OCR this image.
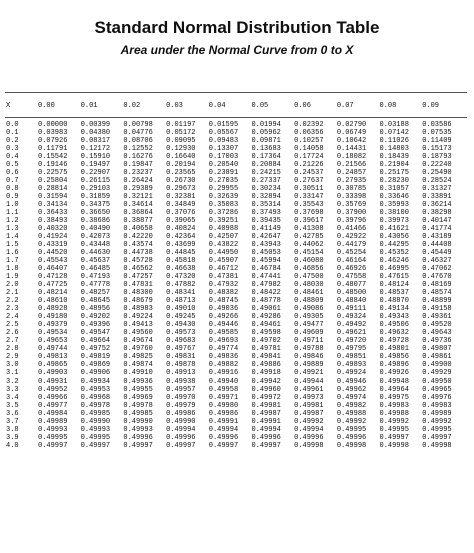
Standard Normal Distribution Table
Area under the Normal Curve from 0 to X
X	0.00	0.01	0.02	0.03	0.04	0.05	0.06	0.07	0.08	0.09

0.0	0.00000	0.00399	0.00798	0.01197	0.01595	0.01994	0.02392	0.02790	0.03188	0.03586
0.1	0.03983	0.04380	0.04776	0.05172	0.05567	0.05962	0.06356	0.06749	0.07142	0.07535
0.2	0.07926	0.08317	0.08706	0.09095	0.09483	0.09871	0.10257	0.10642	0.11026	0.11409
0.3	0.11791	0.12172	0.12552	0.12930	0.13307	0.13683	0.14058	0.14431	0.14803	0.15173
0.4	0.15542	0.15910	0.16276	0.16640	0.17003	0.17364	0.17724	0.18082	0.18439	0.18793
0.5	0.19146	0.19497	0.19847	0.20194	0.20540	0.20884	0.21226	0.21566	0.21904	0.22240
0.6	0.22575	0.22907	0.23237	0.23565	0.23891	0.24215	0.24537	0.24857	0.25175	0.25490
0.7	0.25804	0.26115	0.26424	0.26730	0.27035	0.27337	0.27637	0.27935	0.28230	0.28524
0.8	0.28814	0.29103	0.29389	0.29673	0.29955	0.30234	0.30511	0.30785	0.31057	0.31327
0.9	0.31594	0.31859	0.32121	0.32381	0.32639	0.32894	0.33147	0.33398	0.33646	0.33891
1.0	0.34134	0.34375	0.34614	0.34849	0.35083	0.35314	0.35543	0.35769	0.35993	0.36214
1.1	0.36433	0.36650	0.36864	0.37076	0.37286	0.37493	0.37698	0.37900	0.38100	0.38298
1.2	0.38493	0.38686	0.38877	0.39065	0.39251	0.39435	0.39617	0.39796	0.39973	0.40147
1.3	0.40320	0.40490	0.40658	0.40824	0.40988	0.41149	0.41308	0.41466	0.41621	0.41774
1.4	0.41924	0.42073	0.42220	0.42364	0.42507	0.42647	0.42785	0.42922	0.43056	0.43189
1.5	0.43319	0.43448	0.43574	0.43699	0.43822	0.43943	0.44062	0.44179	0.44295	0.44408
1.6	0.44520	0.44630	0.44738	0.44845	0.44950	0.45053	0.45154	0.45254	0.45352	0.45449
1.7	0.45543	0.45637	0.45728	0.45818	0.45907	0.45994	0.46080	0.46164	0.46246	0.46327
1.8	0.46407	0.46485	0.46562	0.46638	0.46712	0.46784	0.46856	0.46926	0.46995	0.47062
1.9	0.47128	0.47193	0.47257	0.47320	0.47381	0.47441	0.47500	0.47558	0.47615	0.47670
2.0	0.47725	0.47778	0.47831	0.47882	0.47932	0.47982	0.48030	0.48077	0.48124	0.48169
2.1	0.48214	0.48257	0.48300	0.48341	0.48382	0.48422	0.48461	0.48500	0.48537	0.48574
2.2	0.48610	0.48645	0.48679	0.48713	0.48745	0.48778	0.48809	0.48840	0.48870	0.48899
2.3	0.48928	0.48956	0.48983	0.49010	0.49036	0.49061	0.49086	0.49111	0.49134	0.49158
2.4	0.49180	0.49202	0.49224	0.49245	0.49266	0.49286	0.49305	0.49324	0.49343	0.49361
2.5	0.49379	0.49396	0.49413	0.49430	0.49446	0.49461	0.49477	0.49492	0.49506	0.49520
2.6	0.49534	0.49547	0.49560	0.49573	0.49585	0.49598	0.49609	0.49621	0.49632	0.49643
2.7	0.49653	0.49664	0.49674	0.49683	0.49693	0.49702	0.49711	0.49720	0.49728	0.49736
2.8	0.49744	0.49752	0.49760	0.49767	0.49774	0.49781	0.49788	0.49795	0.49801	0.49807
2.9	0.49813	0.49819	0.49825	0.49831	0.49836	0.49841	0.49846	0.49851	0.49856	0.49861
3.0	0.49865	0.49869	0.49874	0.49878	0.49882	0.49886	0.49889	0.49893	0.49896	0.49900
3.1	0.49903	0.49906	0.49910	0.49913	0.49916	0.49918	0.49921	0.49924	0.49926	0.49929
3.2	0.49931	0.49934	0.49936	0.49938	0.49940	0.49942	0.49944	0.49946	0.49948	0.49950
3.3	0.49952	0.49953	0.49955	0.49957	0.49958	0.49960	0.49961	0.49962	0.49964	0.49965
3.4	0.49966	0.49968	0.49969	0.49970	0.49971	0.49972	0.49973	0.49974	0.49975	0.49976
3.5	0.49977	0.49978	0.49978	0.49979	0.49980	0.49981	0.49981	0.49982	0.49983	0.49983
3.6	0.49984	0.49985	0.49985	0.49986	0.49986	0.49987	0.49987	0.49988	0.49988	0.49989
3.7	0.49989	0.49990	0.49990	0.49990	0.49991	0.49991	0.49992	0.49992	0.49992	0.49992
3.8	0.49993	0.49993	0.49993	0.49994	0.49994	0.49994	0.49994	0.49995	0.49995	0.49995
3.9	0.49995	0.49995	0.49996	0.49996	0.49996	0.49996	0.49996	0.49996	0.49997	0.49997
4.0	0.49997	0.49997	0.49997	0.49997	0.49997	0.49997	0.49998	0.49998	0.49998	0.49998
